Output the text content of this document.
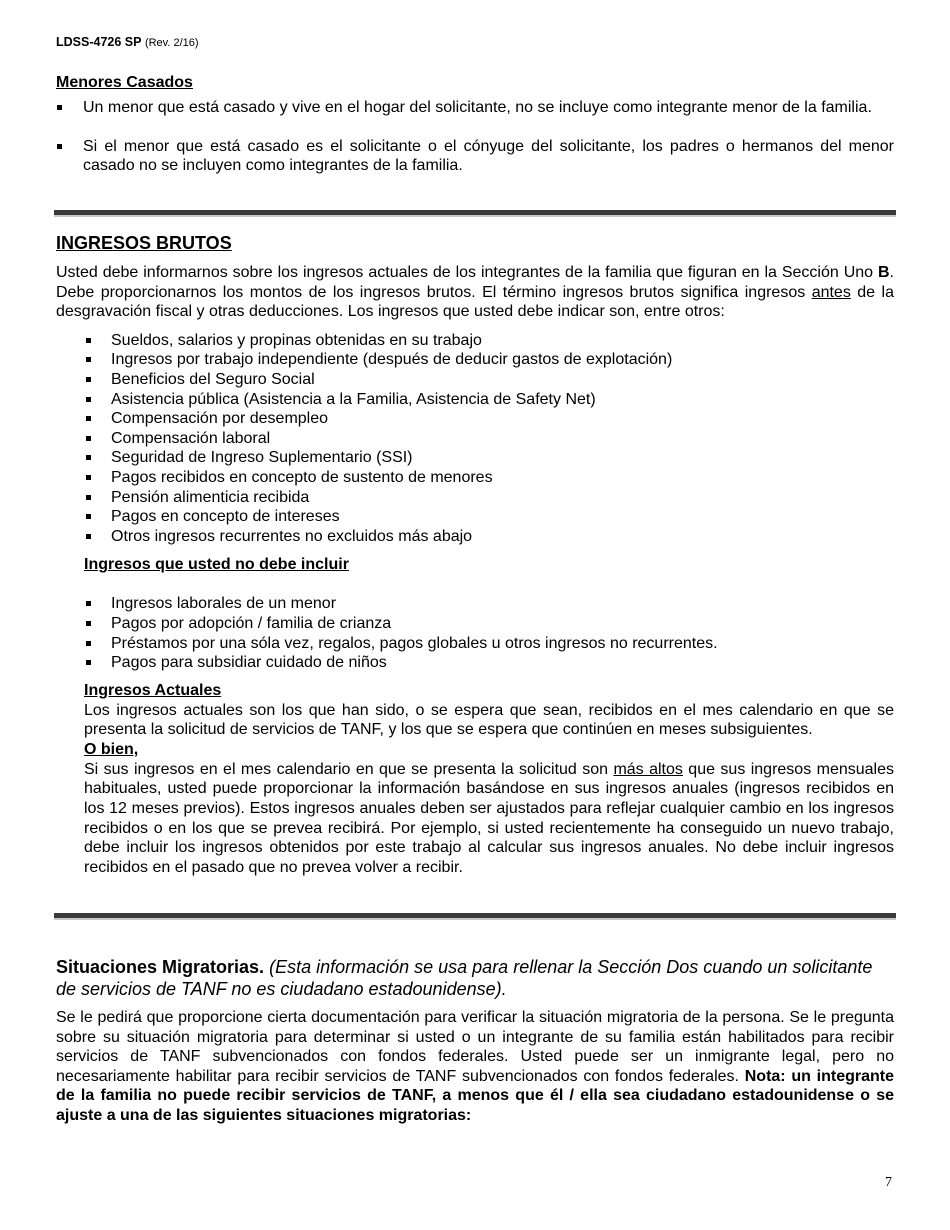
LDSS-4726 SP (Rev. 2/16)
Menores Casados
Un menor que está casado y vive en el hogar del solicitante, no se incluye como integrante menor de la familia.
Si el menor que está casado es el solicitante o el cónyuge del solicitante, los padres o hermanos del menor casado no se incluyen como integrantes de la familia.
INGRESOS BRUTOS
Usted debe informarnos sobre los ingresos actuales de los integrantes de la familia que figuran en la Sección Uno B. Debe proporcionarnos los montos de los ingresos brutos. El término ingresos brutos significa ingresos antes de la desgravación fiscal y otras deducciones. Los ingresos que usted debe indicar son, entre otros:
Sueldos, salarios y propinas obtenidas en su trabajo
Ingresos por trabajo independiente (después de deducir gastos de explotación)
Beneficios del Seguro Social
Asistencia pública (Asistencia a la Familia, Asistencia de Safety Net)
Compensación por desempleo
Compensación laboral
Seguridad de Ingreso Suplementario (SSI)
Pagos recibidos en concepto de sustento de menores
Pensión alimenticia recibida
Pagos en concepto de intereses
Otros ingresos recurrentes no excluidos más abajo
Ingresos que usted no debe incluir
Ingresos laborales de un menor
Pagos por adopción / familia de crianza
Préstamos por una sóla vez, regalos, pagos globales u otros ingresos no recurrentes.
Pagos para subsidiar cuidado de niños
Ingresos Actuales
Los ingresos actuales son los que han sido, o se espera que sean, recibidos en el mes calendario en que se presenta la solicitud de servicios de TANF, y los que se espera que continúen en meses subsiguientes.
O bien,
Si sus ingresos en el mes calendario en que se presenta la solicitud son más altos que sus ingresos mensuales habituales, usted puede proporcionar la información basándose en sus ingresos anuales (ingresos recibidos en los 12 meses previos). Estos ingresos anuales deben ser ajustados para reflejar cualquier cambio en los ingresos recibidos o en los que se prevea recibirá. Por ejemplo, si usted recientemente ha conseguido un nuevo trabajo, debe incluir los ingresos obtenidos por este trabajo al calcular sus ingresos anuales. No debe incluir ingresos recibidos en el pasado que no prevea volver a recibir.
Situaciones Migratorias. (Esta información se usa para rellenar la Sección Dos cuando un solicitante de servicios de TANF no es ciudadano estadounidense).
Se le pedirá que proporcione cierta documentación para verificar la situación migratoria de la persona. Se le pregunta sobre su situación migratoria para determinar si usted o un integrante de su familia están habilitados para recibir servicios de TANF subvencionados con fondos federales. Usted puede ser un inmigrante legal, pero no necesariamente habilitar para recibir servicios de TANF subvencionados con fondos federales. Nota: un integrante de la familia no puede recibir servicios de TANF, a menos que él / ella sea ciudadano estadounidense o se ajuste a una de las siguientes situaciones migratorias:
7
